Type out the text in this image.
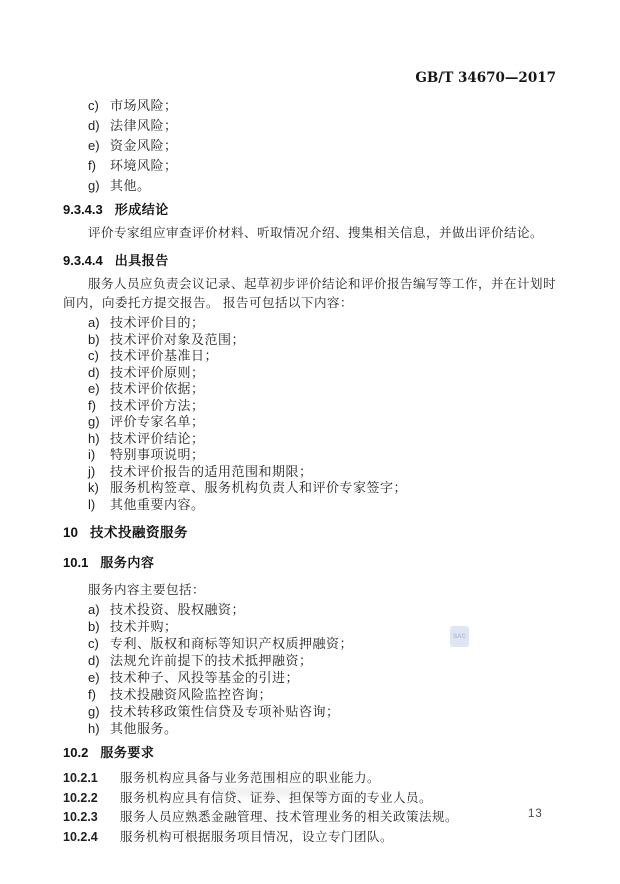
GB/T 34670—2017
c) 市场风险；
d) 法律风险；
e) 资金风险；
f)	环境风险；
g) 其他。
9.3.4.3 形成结论
评价专家组应审查评价材料、听取情况介绍、搜集相关信息，并做出评价结论。
9.3.4.4 出具报告
服务人员应负责会议记录、起草初步评价结论和评价报告编写等工作，并在计划时间内，向委托方提交报告。 报告可包括以下内容：
a) 技术评价目的；
b) 技术评价对象及范围；
c) 技术评价基准日；
d) 技术评价原则；
e) 技术评价依据；
f)	技术评价方法；
g) 评价专家名单；
h) 技术评价结论；
i)	特别事项说明；
j)	技术评价报告的适用范围和期限；
k) 服务机构签章、服务机构负责人和评价专家签字；
l)	其他重要内容。
10 技术投融资服务
10.1 服务内容
服务内容主要包括：
a) 技术投资、股权融资；
b) 技术并购；
c) 专利、版权和商标等知识产权质押融资；
d) 法规允许前提下的技术抵押融资；
e) 技术种子、风投等基金的引进；
f)	技术投融资风险监控咨询；
g) 技术转移政策性信贷及专项补贴咨询；
h) 其他服务。
10.2 服务要求
10.2.1	服务机构应具备与业务范围相应的职业能力。
10.2.2	服务机构应具有信贷、证券、担保等方面的专业人员。
10.2.3	服务人员应熟悉金融管理、技术管理业务的相关政策法规。
10.2.4	服务机构可根据服务项目情况，设立专门团队。
SAC
13
